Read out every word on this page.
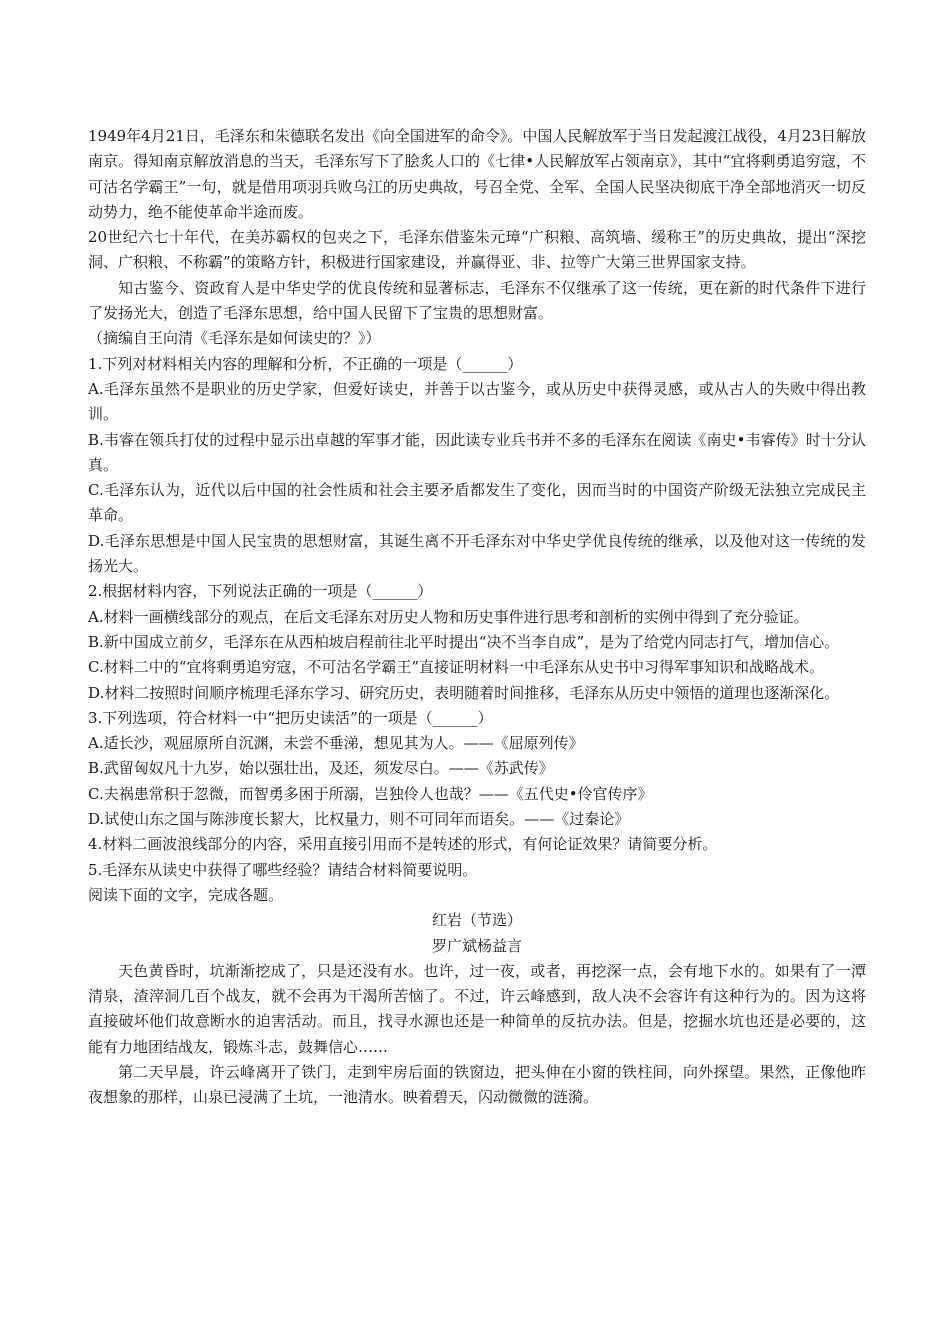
1949年4月21日，毛泽东和朱德联名发出《向全国进军的命令》。中国人民解放军于当日发起渡江战役，4月23日解放南京。得知南京解放消息的当天，毛泽东写下了脍炙人口的《七律•人民解放军占领南京》，其中“宜将剩勇追穷寇，不可沽名学霸王”一句，就是借用项羽兵败乌江的历史典故，号召全党、全军、全国人民坚决彻底干净全部地消灭一切反动势力，绝不能使革命半途而废。

20世纪六七十年代，在美苏霸权的包夹之下，毛泽东借鉴朱元璋“广积粮、高筑墙、缓称王”的历史典故，提出“深挖洞、广积粮、不称霸”的策略方针，积极进行国家建设，并赢得亚、非、拉等广大第三世界国家支持。

知古鉴今、资政育人是中华史学的优良传统和显著标志，毛泽东不仅继承了这一传统，更在新的时代条件下进行了发扬光大，创造了毛泽东思想，给中国人民留下了宝贵的思想财富。

（摘编自王向清《毛泽东是如何读史的？》）

1.下列对材料相关内容的理解和分析，不正确的一项是（______）

A.毛泽东虽然不是职业的历史学家，但爱好读史，并善于以古鉴今，或从历史中获得灵感，或从古人的失败中得出教训。

B.韦睿在领兵打仗的过程中显示出卓越的军事才能，因此读专业兵书并不多的毛泽东在阅读《南史•韦睿传》时十分认真。

C.毛泽东认为，近代以后中国的社会性质和社会主要矛盾都发生了变化，因而当时的中国资产阶级无法独立完成民主革命。

D.毛泽东思想是中国人民宝贵的思想财富，其诞生离不开毛泽东对中华史学优良传统的继承，以及他对这一传统的发扬光大。

2.根据材料内容，下列说法正确的一项是（______）

A.材料一画横线部分的观点，在后文毛泽东对历史人物和历史事件进行思考和剖析的实例中得到了充分验证。

B.新中国成立前夕，毛泽东在从西柏坡启程前往北平时提出“决不当李自成”，是为了给党内同志打气，增加信心。

C.材料二中的“宜将剩勇追穷寇，不可沽名学霸王”直接证明材料一中毛泽东从史书中习得军事知识和战略战术。

D.材料二按照时间顺序梳理毛泽东学习、研究历史，表明随着时间推移，毛泽东从历史中领悟的道理也逐渐深化。

3.下列选项，符合材料一中“把历史读活”的一项是（______）

A.适长沙，观屈原所自沉渊，未尝不垂涕，想见其为人。——《屈原列传》

B.武留匈奴凡十九岁，始以强壮出，及还，须发尽白。——《苏武传》

C.夫祸患常积于忽微，而智勇多困于所溺，岂独伶人也哉？——《五代史•伶官传序》

D.试使山东之国与陈涉度长絜大，比权量力，则不可同年而语矣。——《过秦论》

4.材料二画波浪线部分的内容，采用直接引用而不是转述的形式，有何论证效果？请简要分析。

5.毛泽东从读史中获得了哪些经验？请结合材料简要说明。

阅读下面的文字，完成各题。

红岩（节选）

罗广斌杨益言

天色黄昏时，坑渐渐挖成了，只是还没有水。也许，过一夜，或者，再挖深一点，会有地下水的。如果有了一潭清泉，渣滓洞几百个战友，就不会再为干渴所苦恼了。不过，许云峰感到，敌人决不会容许有这种行为的。因为这将直接破坏他们故意断水的迫害活动。而且，找寻水源也还是一种简单的反抗办法。但是，挖掘水坑也还是必要的，这能有力地团结战友，锻炼斗志，鼓舞信心……

第二天早晨，许云峰离开了铁门，走到牢房后面的铁窗边，把头伸在小窗的铁柱间，向外探望。果然，正像他昨夜想象的那样，山泉已浸满了土坑，一池清水。映着碧天，闪动微微的涟漪。
